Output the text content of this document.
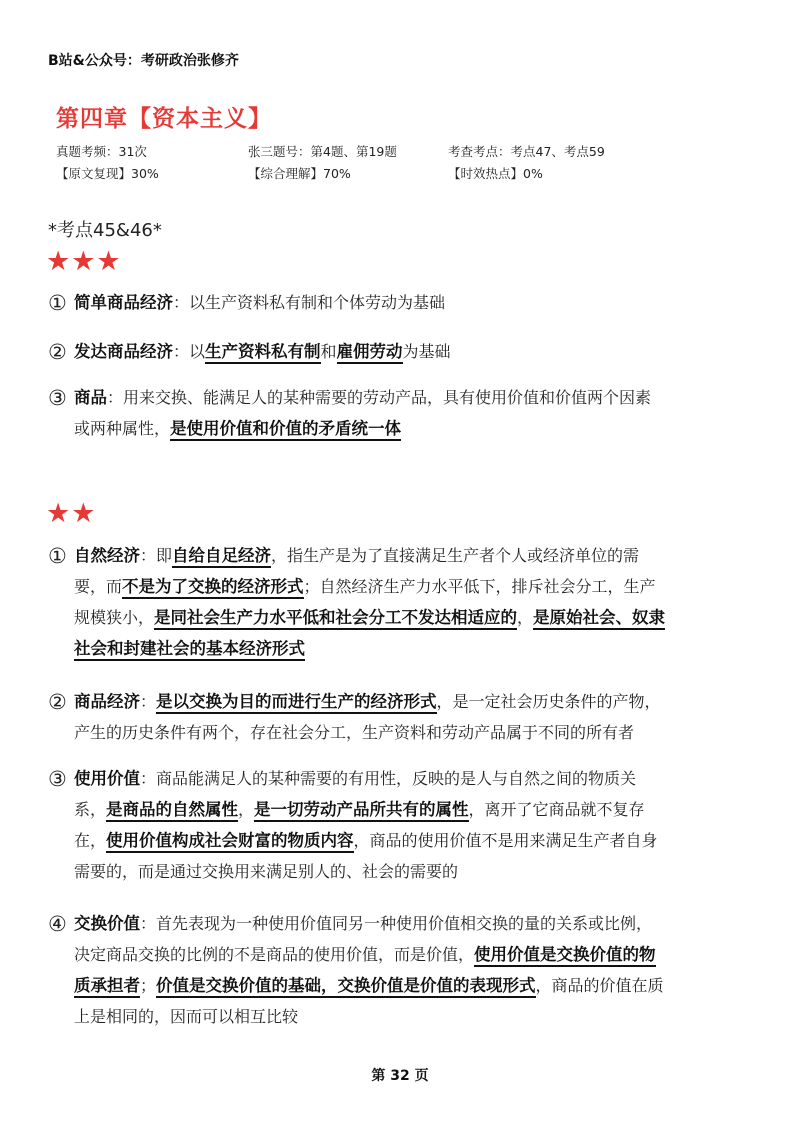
B站&公众号：考研政治张修齐
第四章【资本主义】
真题考频：31次	张三题号：第4题、第19题	考查考点：考点47、考点59
【原文复现】30%	【综合理解】70%	【时效热点】0%
*考点45&46*
★★★
① 简单商品经济：以生产资料私有制和个体劳动为基础
② 发达商品经济：以生产资料私有制和雇佣劳动为基础
③ 商品：用来交换、能满足人的某种需要的劳动产品，具有使用价值和价值两个因素
或两种属性，是使用价值和价值的矛盾统一体
★★
① 自然经济：即自给自足经济，指生产是为了直接满足生产者个人或经济单位的需
要，而不是为了交换的经济形式；自然经济生产力水平低下，排斥社会分工，生产
规模狭小，是同社会生产力水平低和社会分工不发达相适应的，是原始社会、奴隶
社会和封建社会的基本经济形式
② 商品经济：是以交换为目的而进行生产的经济形式，是一定社会历史条件的产物，
产生的历史条件有两个，存在社会分工，生产资料和劳动产品属于不同的所有者
③ 使用价值：商品能满足人的某种需要的有用性，反映的是人与自然之间的物质关
系，是商品的自然属性，是一切劳动产品所共有的属性，离开了它商品就不复存
在，使用价值构成社会财富的物质内容，商品的使用价值不是用来满足生产者自身
需要的，而是通过交换用来满足别人的、社会的需要的
④ 交换价值：首先表现为一种使用价值同另一种使用价值相交换的量的关系或比例，
决定商品交换的比例的不是商品的使用价值，而是价值，使用价值是交换价值的物
质承担者；价值是交换价值的基础，交换价值是价值的表现形式，商品的价值在质
上是相同的，因而可以相互比较
第 32 页
